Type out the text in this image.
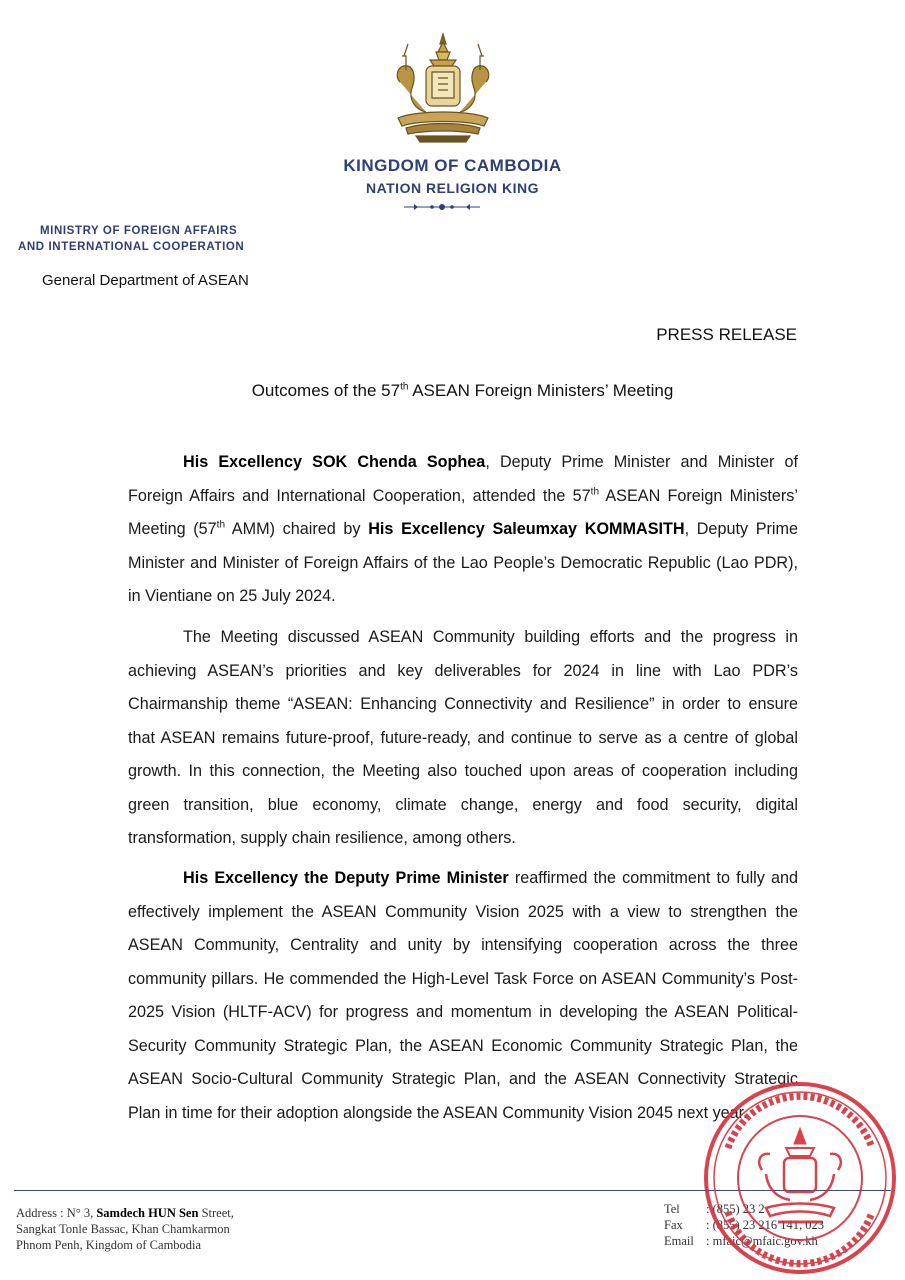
KINGDOM OF CAMBODIA
NATION RELIGION KING
MINISTRY OF FOREIGN AFFAIRS
AND INTERNATIONAL COOPERATION
General Department of ASEAN
PRESS RELEASE
Outcomes of the 57th ASEAN Foreign Ministers’ Meeting

His Excellency SOK Chenda Sophea, Deputy Prime Minister and Minister of Foreign Affairs and International Cooperation, attended the 57th ASEAN Foreign Ministers’ Meeting (57th AMM) chaired by His Excellency Saleumxay KOMMASITH, Deputy Prime Minister and Minister of Foreign Affairs of the Lao People’s Democratic Republic (Lao PDR), in Vientiane on 25 July 2024.

The Meeting discussed ASEAN Community building efforts and the progress in achieving ASEAN’s priorities and key deliverables for 2024 in line with Lao PDR’s Chairmanship theme “ASEAN: Enhancing Connectivity and Resilience” in order to ensure that ASEAN remains future-proof, future-ready, and continue to serve as a centre of global growth. In this connection, the Meeting also touched upon areas of cooperation including green transition, blue economy, climate change, energy and food security, digital transformation, supply chain resilience, among others.

His Excellency the Deputy Prime Minister reaffirmed the commitment to fully and effectively implement the ASEAN Community Vision 2025 with a view to strengthen the ASEAN Community, Centrality and unity by intensifying cooperation across the three community pillars. He commended the High-Level Task Force on ASEAN Community’s Post-2025 Vision (HLTF-ACV) for progress and momentum in developing the ASEAN Political-Security Community Strategic Plan, the ASEAN Economic Community Strategic Plan, the ASEAN Socio-Cultural Community Strategic Plan, and the ASEAN Connectivity Strategic Plan in time for their adoption alongside the ASEAN Community Vision 2045 next year.

Address : N° 3, Samdech HUN Sen Street,
Sangkat Tonle Bassac, Khan Chamkarmon
Phnom Penh, Kingdom of Cambodia
Tel : (855) 23 2
Fax : (855) 23 216 141, 023
Email : mfaic@mfaic.gov.kh
